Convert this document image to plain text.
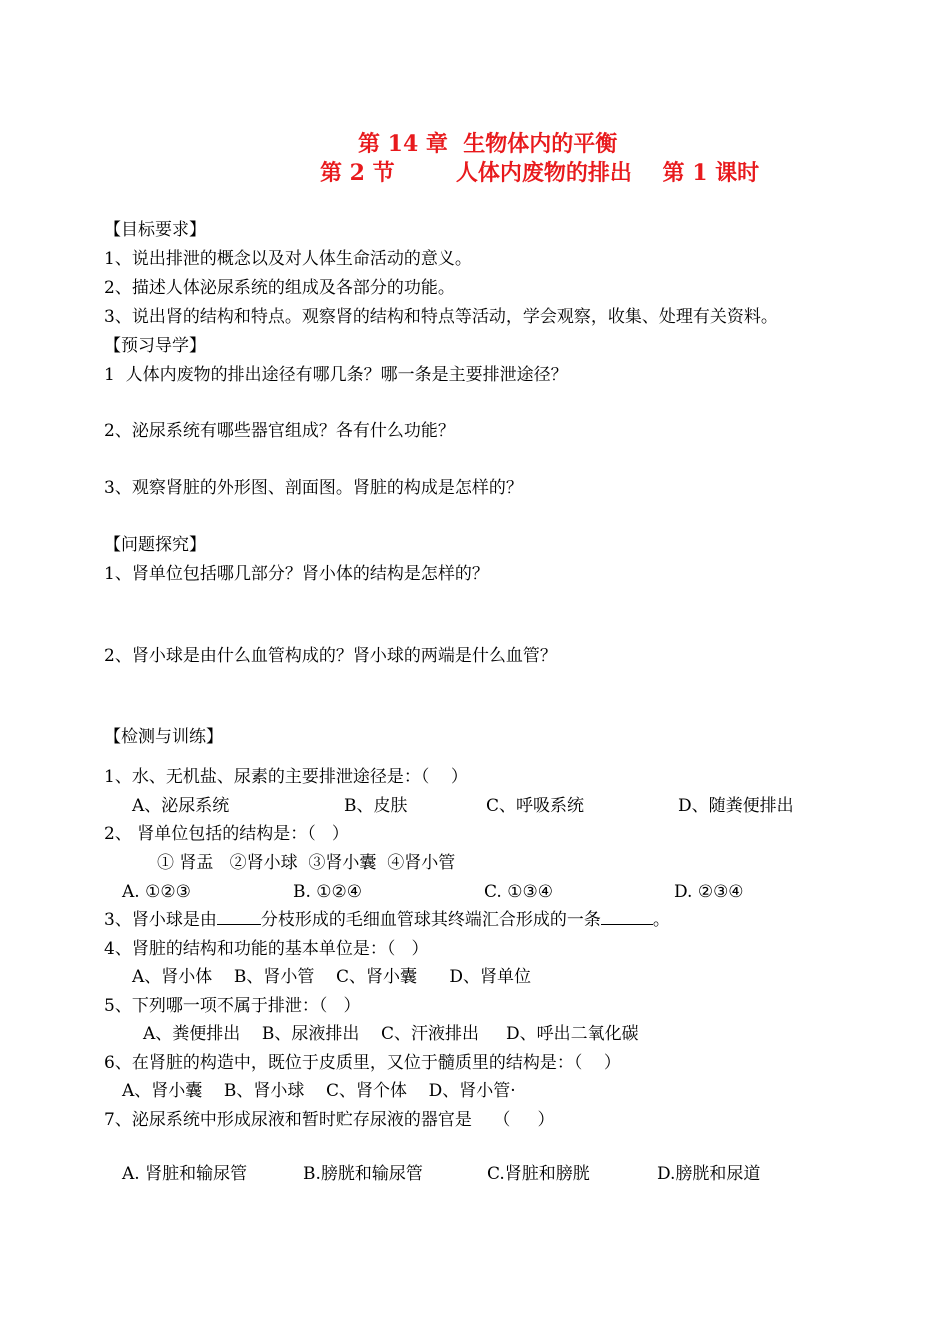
第 14 章  生物体内的平衡
第 2 节        人体内废物的排出    第 1 课时
【目标要求】
1、说出排泄的概念以及对人体生命活动的意义。
2、描述人体泌尿系统的组成及各部分的功能。
3、说出肾的结构和特点。观察肾的结构和特点等活动，学会观察，收集、处理有关资料。
【预习导学】
1  人体内废物的排出途径有哪几条？哪一条是主要排泄途径？
2、泌尿系统有哪些器官组成？各有什么功能？
3、观察肾脏的外形图、剖面图。肾脏的构成是怎样的？
【问题探究】
1、肾单位包括哪几部分？肾小体的结构是怎样的？
2、肾小球是由什么血管构成的？肾小球的两端是什么血管？
【检测与训练】
1、水、无机盐、尿素的主要排泄途径是：（    ）
A、泌尿系统	B、皮肤	C、呼吸系统	D、随粪便排出
2、 肾单位包括的结构是：（   ）
① 肾盂   ②肾小球  ③肾小囊  ④肾小管
A. ①②③	B. ①②④	C. ①③④	D. ②③④
3、肾小球是由	分枝形成的毛细血管球其终端汇合形成的一条	。
4、肾脏的结构和功能的基本单位是：（   ）
A、肾小体    B、肾小管    C、肾小囊      D、肾单位
5、下列哪一项不属于排泄：（   ）
A、粪便排出    B、尿液排出    C、汗液排出     D、呼出二氧化碳
6、在肾脏的构造中，既位于皮质里，又位于髓质里的结构是：（    ）
A、肾小囊    B、肾小球    C、肾个体    D、肾小管·
7、泌尿系统中形成尿液和暂时贮存尿液的器官是    （     ）
A. 肾脏和输尿管	B.膀胱和输尿管	C.肾脏和膀胱	D.膀胱和尿道
